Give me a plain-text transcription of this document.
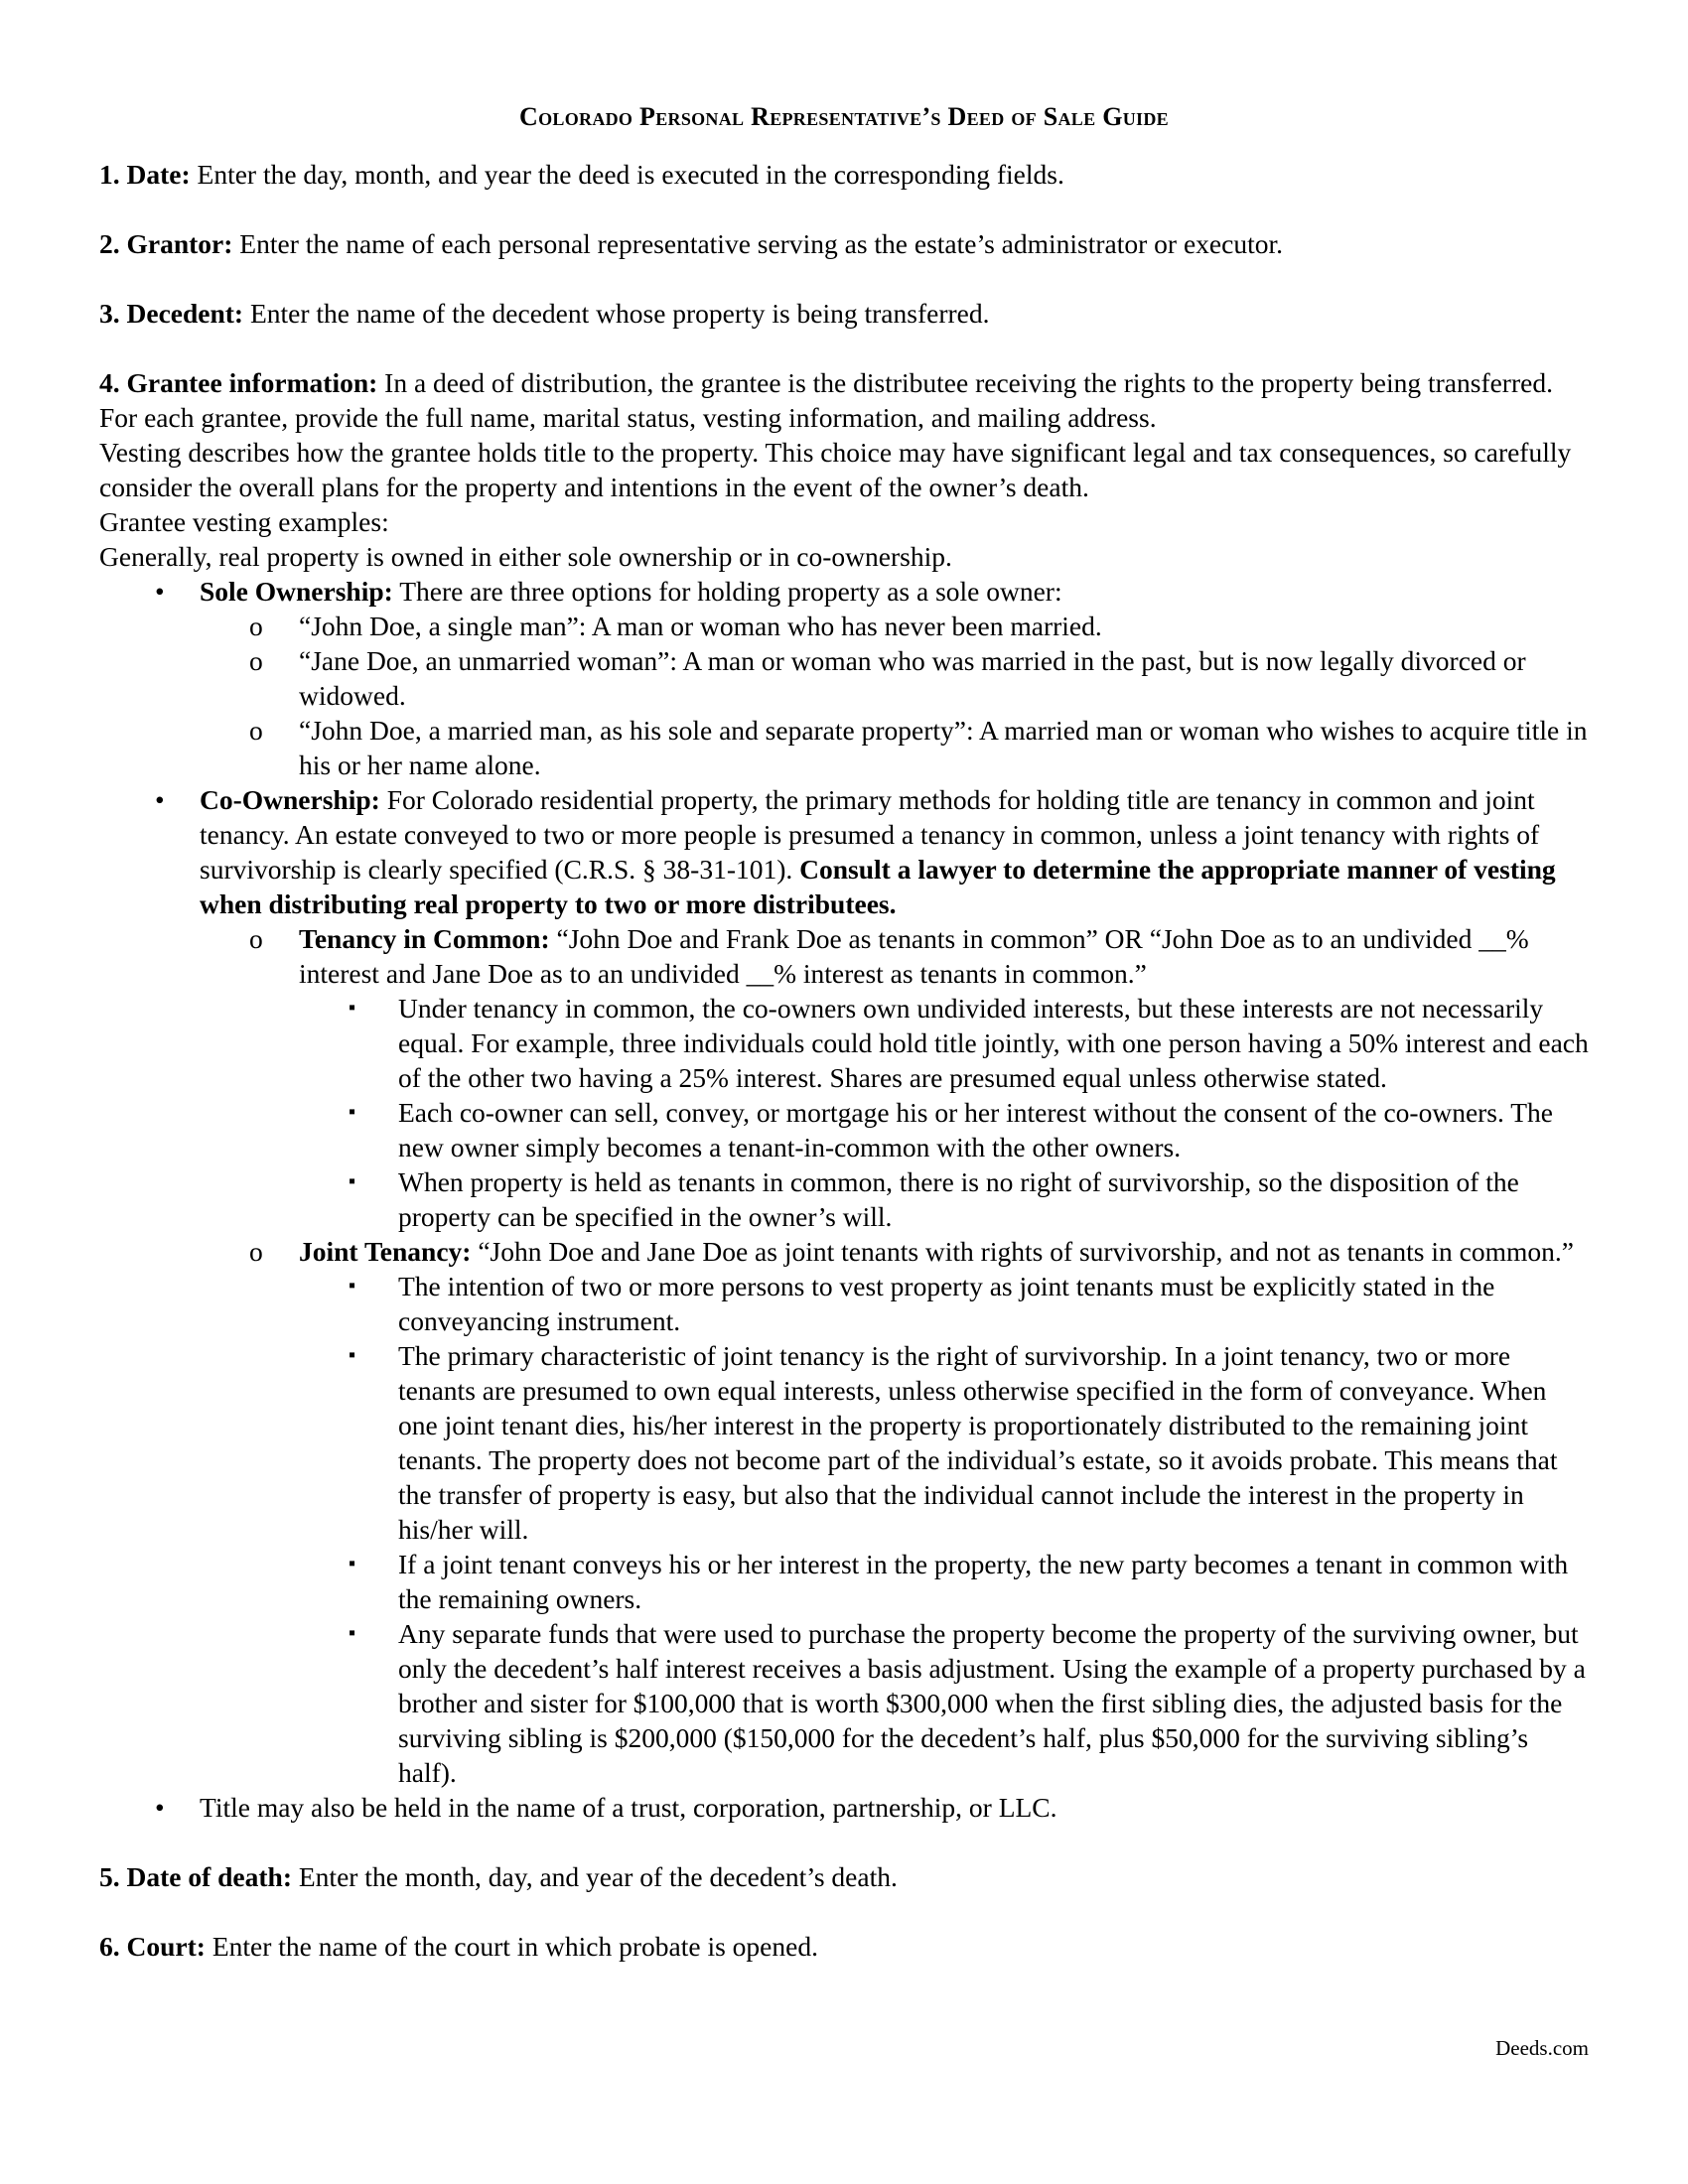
Colorado Personal Representative’s Deed of Sale Guide

1. Date: Enter the day, month, and year the deed is executed in the corresponding fields.

2. Grantor: Enter the name of each personal representative serving as the estate’s administrator or executor.

3. Decedent: Enter the name of the decedent whose property is being transferred.

4. Grantee information: In a deed of distribution, the grantee is the distributee receiving the rights to the property being transferred. For each grantee, provide the full name, marital status, vesting information, and mailing address.

Vesting describes how the grantee holds title to the property. This choice may have significant legal and tax consequences, so carefully consider the overall plans for the property and intentions in the event of the owner’s death.

Grantee vesting examples:

Generally, real property is owned in either sole ownership or in co-ownership.

• Sole Ownership: There are three options for holding property as a sole owner:
o “John Doe, a single man”: A man or woman who has never been married.
o “Jane Doe, an unmarried woman”: A man or woman who was married in the past, but is now legally divorced or widowed.
o “John Doe, a married man, as his sole and separate property”: A married man or woman who wishes to acquire title in his or her name alone.
• Co-Ownership: For Colorado residential property, the primary methods for holding title are tenancy in common and joint tenancy. An estate conveyed to two or more people is presumed a tenancy in common, unless a joint tenancy with rights of survivorship is clearly specified (C.R.S. § 38-31-101). Consult a lawyer to determine the appropriate manner of vesting when distributing real property to two or more distributees.
o Tenancy in Common: “John Doe and Frank Doe as tenants in common” OR “John Doe as to an undivided __% interest and Jane Doe as to an undivided __% interest as tenants in common.”
▪ Under tenancy in common, the co-owners own undivided interests, but these interests are not necessarily equal. For example, three individuals could hold title jointly, with one person having a 50% interest and each of the other two having a 25% interest. Shares are presumed equal unless otherwise stated.
▪ Each co-owner can sell, convey, or mortgage his or her interest without the consent of the co-owners. The new owner simply becomes a tenant-in-common with the other owners.
▪ When property is held as tenants in common, there is no right of survivorship, so the disposition of the property can be specified in the owner’s will.
o Joint Tenancy: “John Doe and Jane Doe as joint tenants with rights of survivorship, and not as tenants in common.”
▪ The intention of two or more persons to vest property as joint tenants must be explicitly stated in the conveyancing instrument.
▪ The primary characteristic of joint tenancy is the right of survivorship. In a joint tenancy, two or more tenants are presumed to own equal interests, unless otherwise specified in the form of conveyance. When one joint tenant dies, his/her interest in the property is proportionately distributed to the remaining joint tenants. The property does not become part of the individual’s estate, so it avoids probate. This means that the transfer of property is easy, but also that the individual cannot include the interest in the property in his/her will.
▪ If a joint tenant conveys his or her interest in the property, the new party becomes a tenant in common with the remaining owners.
▪ Any separate funds that were used to purchase the property become the property of the surviving owner, but only the decedent’s half interest receives a basis adjustment. Using the example of a property purchased by a brother and sister for $100,000 that is worth $300,000 when the first sibling dies, the adjusted basis for the surviving sibling is $200,000 ($150,000 for the decedent’s half, plus $50,000 for the surviving sibling’s half).
• Title may also be held in the name of a trust, corporation, partnership, or LLC.

5. Date of death: Enter the month, day, and year of the decedent’s death.

6. Court: Enter the name of the court in which probate is opened.

Deeds.com
